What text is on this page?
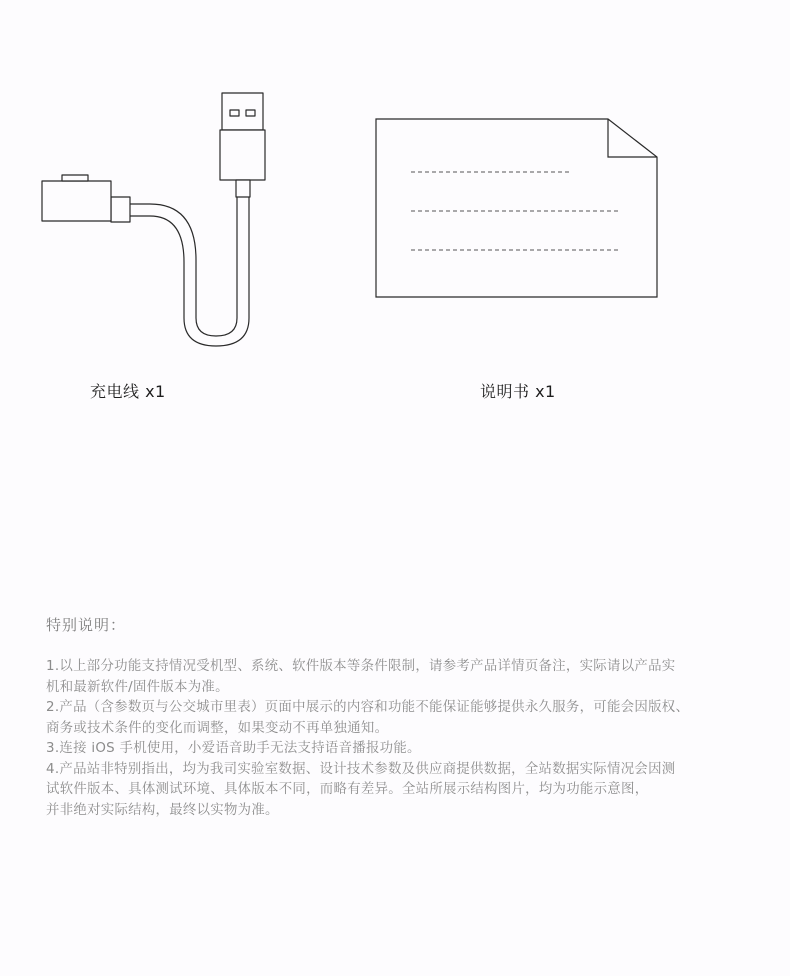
充电线 x1	说明书 x1
特别说明：
1.以上部分功能支持情况受机型、系统、软件版本等条件限制，请参考产品详情页备注，实际请以产品实
机和最新软件/固件版本为准。
2.产品（含参数页与公交城市里表）页面中展示的内容和功能不能保证能够提供永久服务，可能会因版权、
商务或技术条件的变化而调整，如果变动不再单独通知。
3.连接 iOS 手机使用，小爱语音助手无法支持语音播报功能。
4.产品站非特别指出，均为我司实验室数据、设计技术参数及供应商提供数据，全站数据实际情况会因测
试软件版本、具体测试环境、具体版本不同，而略有差异。全站所展示结构图片，均为功能示意图，
并非绝对实际结构，最终以实物为准。
